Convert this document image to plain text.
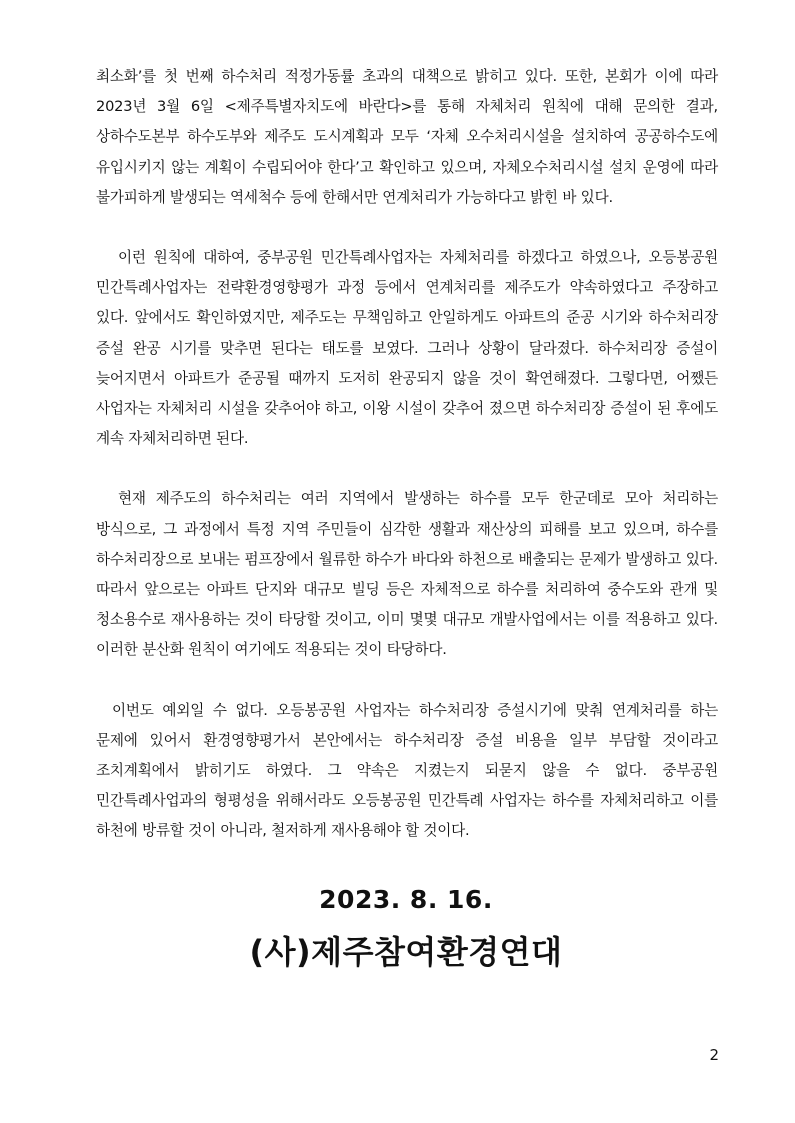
최소화’를 첫 번째 하수처리 적정가동률 초과의 대책으로 밝히고 있다. 또한, 본회가 이에 따라 2023년 3월 6일 <제주특별자치도에 바란다>를 통해 자체처리 원칙에 대해 문의한 결과, 상하수도본부 하수도부와 제주도 도시계획과 모두 ‘자체 오수처리시설을 설치하여 공공하수도에 유입시키지 않는 계획이 수립되어야 한다’고 확인하고 있으며, 자체오수처리시설 설치 운영에 따라 불가피하게 발생되는 역세척수 등에 한해서만 연계처리가 가능하다고 밝힌 바 있다.

이런 원칙에 대하여, 중부공원 민간특례사업자는 자체처리를 하겠다고 하였으나, 오등봉공원 민간특례사업자는 전략환경영향평가 과정 등에서 연계처리를 제주도가 약속하였다고 주장하고 있다. 앞에서도 확인하였지만, 제주도는 무책임하고 안일하게도 아파트의 준공 시기와 하수처리장 증설 완공 시기를 맞추면 된다는 태도를 보였다. 그러나 상황이 달라졌다. 하수처리장 증설이 늦어지면서 아파트가 준공될 때까지 도저히 완공되지 않을 것이 확연해졌다. 그렇다면, 어쨌든 사업자는 자체처리 시설을 갖추어야 하고, 이왕 시설이 갖추어 졌으면 하수처리장 증설이 된 후에도 계속 자체처리하면 된다.

현재 제주도의 하수처리는 여러 지역에서 발생하는 하수를 모두 한군데로 모아 처리하는 방식으로, 그 과정에서 특정 지역 주민들이 심각한 생활과 재산상의 피해를 보고 있으며, 하수를 하수처리장으로 보내는 펌프장에서 월류한 하수가 바다와 하천으로 배출되는 문제가 발생하고 있다. 따라서 앞으로는 아파트 단지와 대규모 빌딩 등은 자체적으로 하수를 처리하여 중수도와 관개 및 청소용수로 재사용하는 것이 타당할 것이고, 이미 몇몇 대규모 개발사업에서는 이를 적용하고 있다. 이러한 분산화 원칙이 여기에도 적용되는 것이 타당하다.

이번도 예외일 수 없다. 오등봉공원 사업자는 하수처리장 증설시기에 맞춰 연계처리를 하는 문제에 있어서 환경영향평가서 본안에서는 하수처리장 증설 비용을 일부 부담할 것이라고 조치계획에서 밝히기도 하였다. 그 약속은 지켰는지 되묻지 않을 수 없다. 중부공원 민간특례사업과의 형평성을 위해서라도 오등봉공원 민간특례 사업자는 하수를 자체처리하고 이를 하천에 방류할 것이 아니라, 철저하게 재사용해야 할 것이다.

2023. 8. 16.
(사)제주참여환경연대
2
